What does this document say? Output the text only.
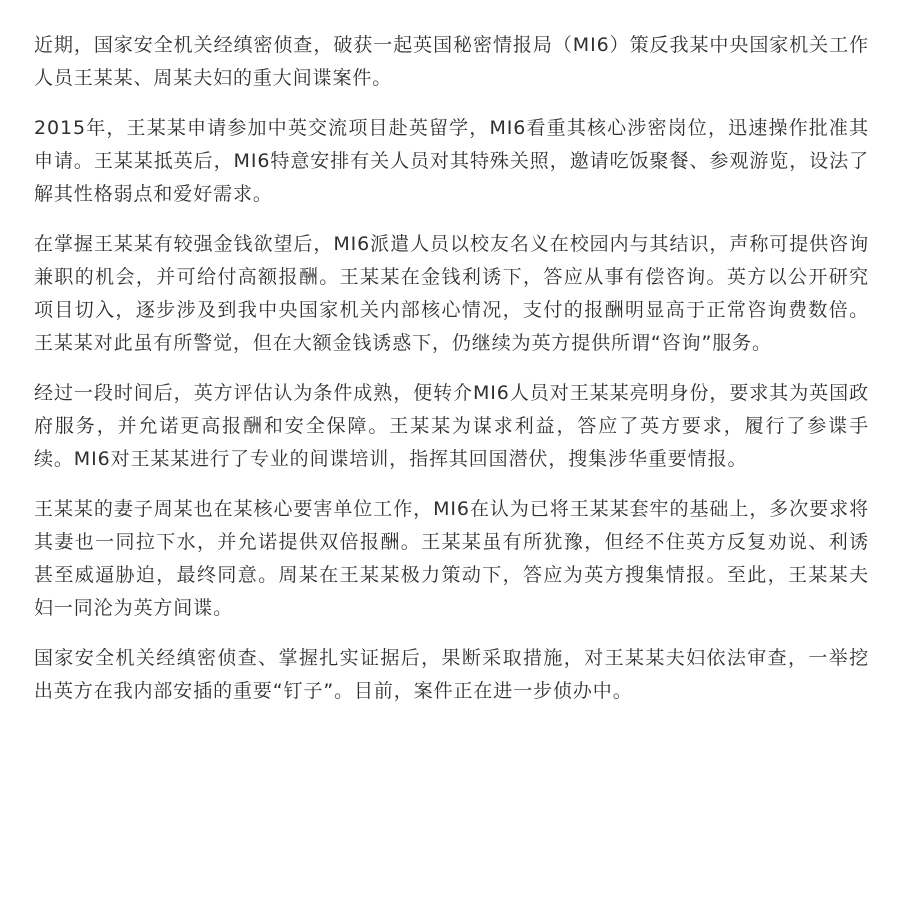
近期，国家安全机关经缜密侦查，破获一起英国秘密情报局（MI6）策反我某中央国家机关工作人员王某某、周某夫妇的重大间谍案件。

2015年，王某某申请参加中英交流项目赴英留学，MI6看重其核心涉密岗位，迅速操作批准其申请。王某某抵英后，MI6特意安排有关人员对其特殊关照，邀请吃饭聚餐、参观游览，设法了解其性格弱点和爱好需求。

在掌握王某某有较强金钱欲望后，MI6派遣人员以校友名义在校园内与其结识，声称可提供咨询兼职的机会，并可给付高额报酬。王某某在金钱利诱下，答应从事有偿咨询。英方以公开研究项目切入，逐步涉及到我中央国家机关内部核心情况，支付的报酬明显高于正常咨询费数倍。王某某对此虽有所警觉，但在大额金钱诱惑下，仍继续为英方提供所谓“咨询”服务。

经过一段时间后，英方评估认为条件成熟，便转介MI6人员对王某某亮明身份，要求其为英国政府服务，并允诺更高报酬和安全保障。王某某为谋求利益，答应了英方要求，履行了参谍手续。MI6对王某某进行了专业的间谍培训，指挥其回国潜伏，搜集涉华重要情报。

王某某的妻子周某也在某核心要害单位工作，MI6在认为已将王某某套牢的基础上，多次要求将其妻也一同拉下水，并允诺提供双倍报酬。王某某虽有所犹豫，但经不住英方反复劝说、利诱甚至威逼胁迫，最终同意。周某在王某某极力策动下，答应为英方搜集情报。至此，王某某夫妇一同沦为英方间谍。

国家安全机关经缜密侦查、掌握扎实证据后，果断采取措施，对王某某夫妇依法审查，一举挖出英方在我内部安插的重要“钉子”。目前，案件正在进一步侦办中。
